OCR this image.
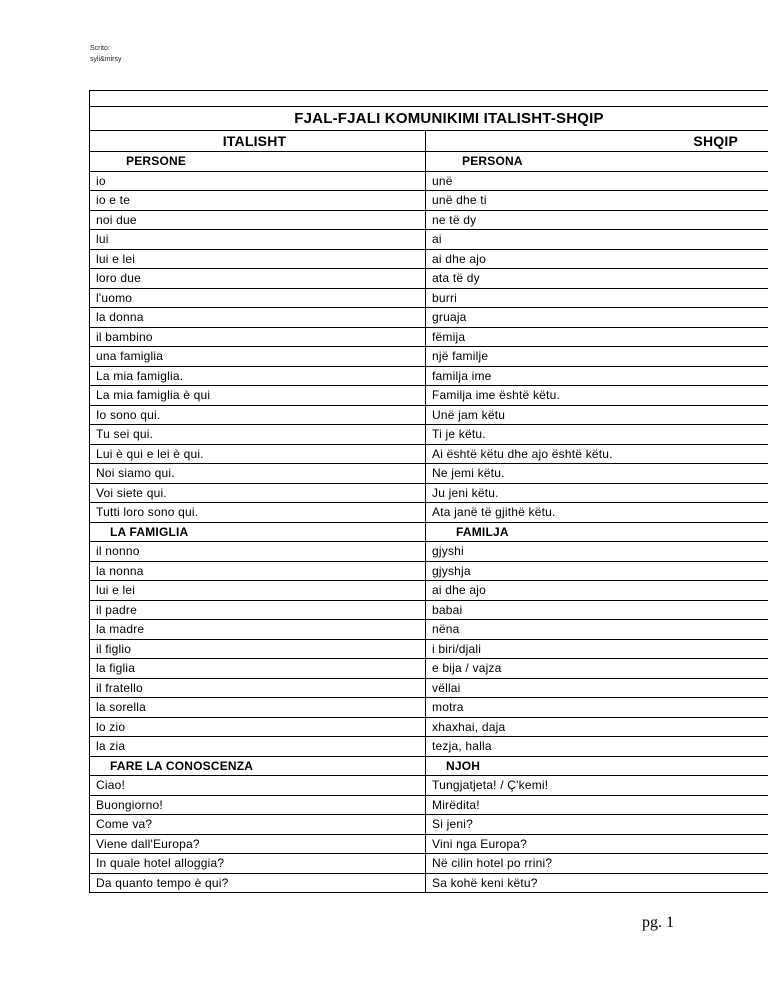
Scrito:
syli&mirsy

FJAL-FJALI KOMUNIKIMI ITALISHT-SHQIP	
ITALISHT	SHQIP
PERSONE	PERSONA
io	unë
io e te	unë dhe ti
noi due	ne të dy
lui	ai
lui e lei	ai dhe ajo
loro due	ata të dy
l'uomo	burri
la donna	gruaja
il bambino	fëmija
una famiglia	një familje
La mia famiglia.	familja ime
La mia famiglia è qui	Familja ime është këtu.
Io sono qui.	Unë jam këtu
Tu sei qui.	Ti je këtu.
Lui è qui e lei è qui.	Ai është këtu dhe ajo është këtu.
Noi siamo qui.	Ne jemi këtu.
Voi siete qui.	Ju jeni këtu.
Tutti loro sono qui.	Ata janë të gjithë këtu.
LA FAMIGLIA	FAMILJA
il nonno	gjyshi
la nonna	gjyshja
lui e lei	ai dhe ajo
il padre	babai
la madre	nëna
il figlio	i biri/djali
la figlia	e bija / vajza
il fratello	vëllai
la sorella	motra
lo zio	xhaxhai, daja
la zia	tezja, halla
FARE LA CONOSCENZA	NJOH
Ciao!	Tungjatjeta! / Ç'kemi!
Buongiorno!	Mirëdita!
Come va?	Si jeni?
Viene dall'Europa?	Vini nga Europa?
In quale hotel alloggia?	Në cilin hotel po rrini?
Da quanto tempo è qui?	Sa kohë keni këtu?
pg. 1
